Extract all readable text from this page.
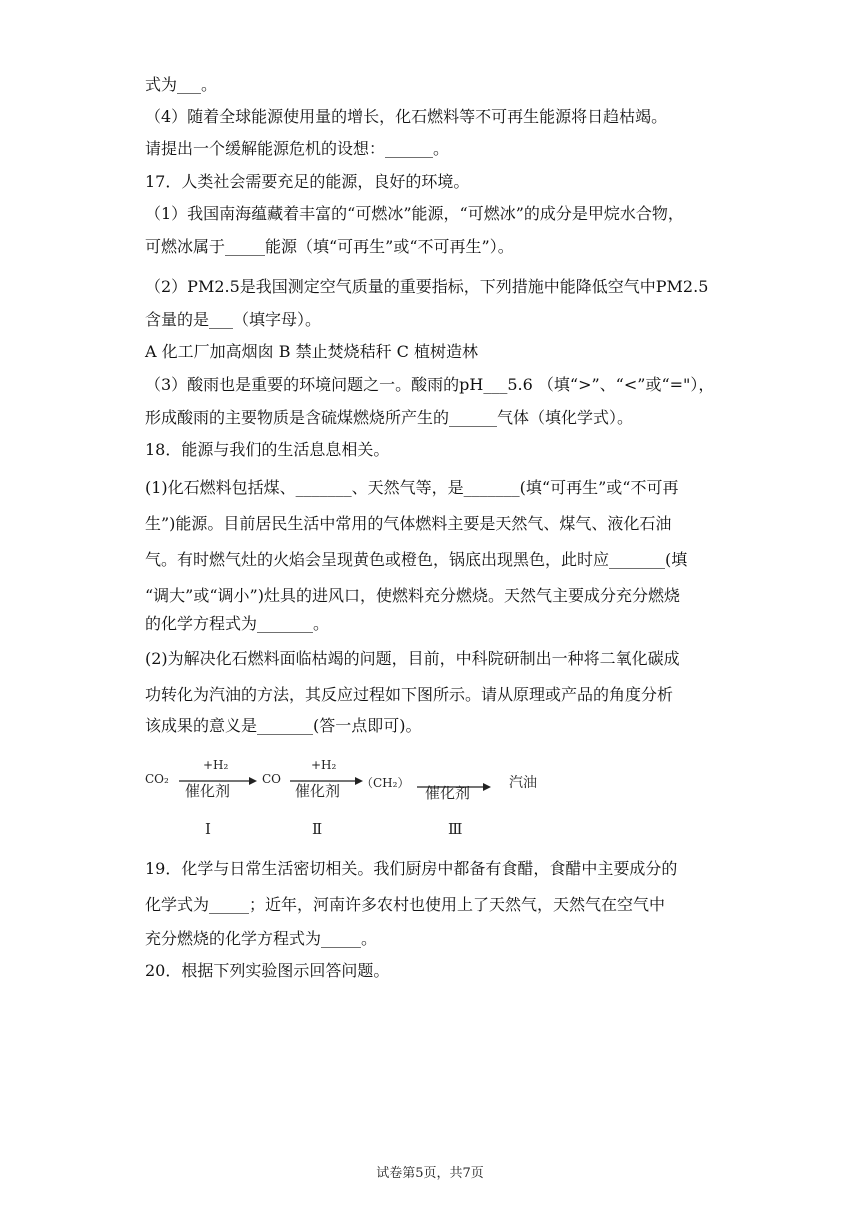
式为___。
（4）随着全球能源使用量的增长，化石燃料等不可再生能源将日趋枯竭。
请提出一个缓解能源危机的设想：______。
17．人类社会需要充足的能源，良好的环境。
（1）我国南海蕴藏着丰富的“可燃冰”能源，“可燃冰”的成分是甲烷水合物，
可燃冰属于_____能源（填“可再生”或“不可再生”）。
（2）PM2.5是我国测定空气质量的重要指标，下列措施中能降低空气中PM2.5
含量的是___（填字母）。
A 化工厂加高烟囱 B 禁止焚烧秸秆 C 植树造林
（3）酸雨也是重要的环境问题之一。酸雨的pH___5.6 （填“>”、“<”或“="），
形成酸雨的主要物质是含硫煤燃烧所产生的______气体（填化学式）。
18．能源与我们的生活息息相关。
(1)化石燃料包括煤、_______、天然气等，是_______(填“可再生”或“不可再
生”)能源。目前居民生活中常用的气体燃料主要是天然气、煤气、液化石油
气。有时燃气灶的火焰会呈现黄色或橙色，锅底出现黑色，此时应_______(填
“调大”或“调小”)灶具的进风口，使燃料充分燃烧。天然气主要成分充分燃烧
的化学方程式为_______。
(2)为解决化石燃料面临枯竭的问题，目前，中科院研制出一种将二氧化碳成
功转化为汽油的方法，其反应过程如下图所示。请从原理或产品的角度分析
该成果的意义是_______(答一点即可)。
CO₂
+H₂
催化剂
CO
+H₂
催化剂 （CH₂）
催化剂
汽油
Ⅰ	Ⅱ	Ⅲ
19．化学与日常生活密切相关。我们厨房中都备有食醋，食醋中主要成分的
化学式为_____；近年，河南许多农村也使用上了天然气，天然气在空气中
充分燃烧的化学方程式为_____。
20．根据下列实验图示回答问题。
试卷第5页，共7页
